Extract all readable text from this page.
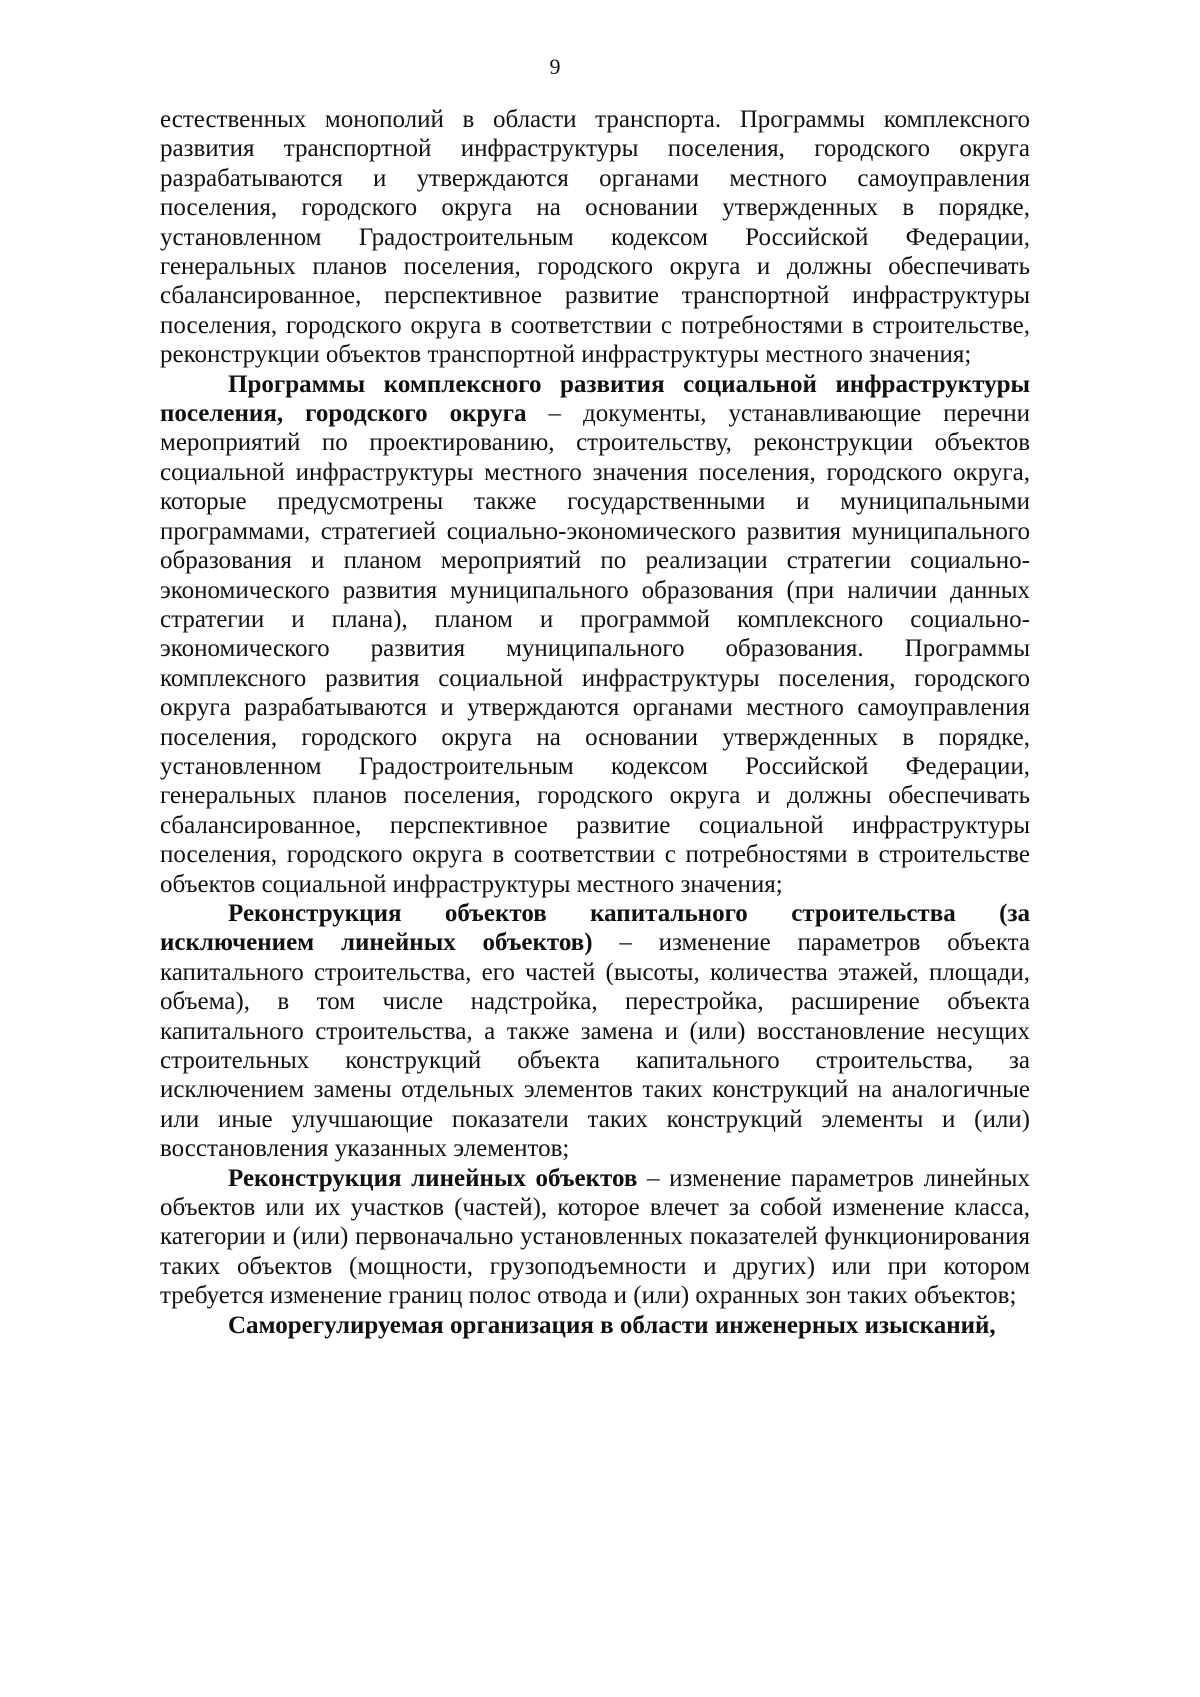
9

естественных монополий в области транспорта. Программы комплексного развития транспортной инфраструктуры поселения, городского округа разрабатываются и утверждаются органами местного самоуправления поселения, городского округа на основании утвержденных в порядке, установленном Градостроительным кодексом Российской Федерации, генеральных планов поселения, городского округа и должны обеспечивать сбалансированное, перспективное развитие транспортной инфраструктуры поселения, городского округа в соответствии с потребностями в строительстве, реконструкции объектов транспортной инфраструктуры местного значения;

Программы комплексного развития социальной инфраструктуры поселения, городского округа – документы, устанавливающие перечни мероприятий по проектированию, строительству, реконструкции объектов социальной инфраструктуры местного значения поселения, городского округа, которые предусмотрены также государственными и муниципальными программами, стратегией социально-экономического развития муниципального образования и планом мероприятий по реализации стратегии социально-экономического развития муниципального образования (при наличии данных стратегии и плана), планом и программой комплексного социально-экономического развития муниципального образования. Программы комплексного развития социальной инфраструктуры поселения, городского округа разрабатываются и утверждаются органами местного самоуправления поселения, городского округа на основании утвержденных в порядке, установленном Градостроительным кодексом Российской Федерации, генеральных планов поселения, городского округа и должны обеспечивать сбалансированное, перспективное развитие социальной инфраструктуры поселения, городского округа в соответствии с потребностями в строительстве объектов социальной инфраструктуры местного значения;

Реконструкция объектов капитального строительства (за исключением линейных объектов) – изменение параметров объекта капитального строительства, его частей (высоты, количества этажей, площади, объема), в том числе надстройка, перестройка, расширение объекта капитального строительства, а также замена и (или) восстановление несущих строительных конструкций объекта капитального строительства, за исключением замены отдельных элементов таких конструкций на аналогичные или иные улучшающие показатели таких конструкций элементы и (или) восстановления указанных элементов;

Реконструкция линейных объектов – изменение параметров линейных объектов или их участков (частей), которое влечет за собой изменение класса, категории и (или) первоначально установленных показателей функционирования таких объектов (мощности, грузоподъемности и других) или при котором требуется изменение границ полос отвода и (или) охранных зон таких объектов;

Саморегулируемая организация в области инженерных изысканий,
